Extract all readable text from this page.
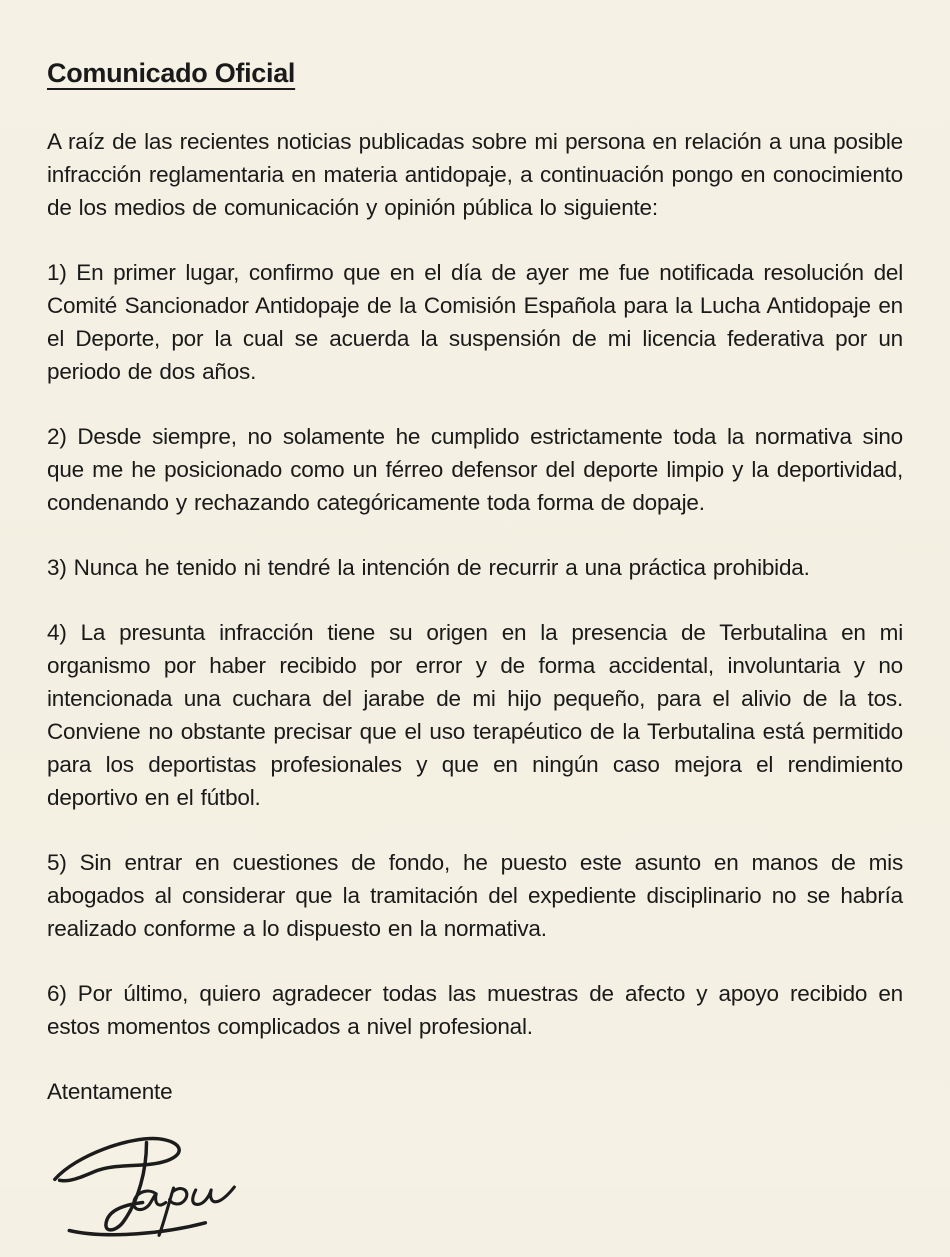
Comunicado Oficial

A raíz de las recientes noticias publicadas sobre mi persona en relación a una posible infracción reglamentaria en materia antidopaje, a continuación pongo en conocimiento de los medios de comunicación y opinión pública lo siguiente:

1) En primer lugar, confirmo que en el día de ayer me fue notificada resolución del Comité Sancionador Antidopaje de la Comisión Española para la Lucha Antidopaje en el Deporte, por la cual se acuerda la suspensión de mi licencia federativa por un periodo de dos años.

2) Desde siempre, no solamente he cumplido estrictamente toda la normativa sino que me he posicionado como un férreo defensor del deporte limpio y la deportividad, condenando y rechazando categóricamente toda forma de dopaje.

3) Nunca he tenido ni tendré la intención de recurrir a una práctica prohibida.

4) La presunta infracción tiene su origen en la presencia de Terbutalina en mi organismo por haber recibido por error y de forma accidental, involuntaria y no intencionada una cuchara del jarabe de mi hijo pequeño, para el alivio de la tos. Conviene no obstante precisar que el uso terapéutico de la Terbutalina está permitido para los deportistas profesionales y que en ningún caso mejora el rendimiento deportivo en el fútbol.

5) Sin entrar en cuestiones de fondo, he puesto este asunto en manos de mis abogados al considerar que la tramitación del expediente disciplinario no se habría realizado conforme a lo dispuesto en la normativa.

6) Por último, quiero agradecer todas las muestras de afecto y apoyo recibido en estos momentos complicados a nivel profesional.

Atentamente
